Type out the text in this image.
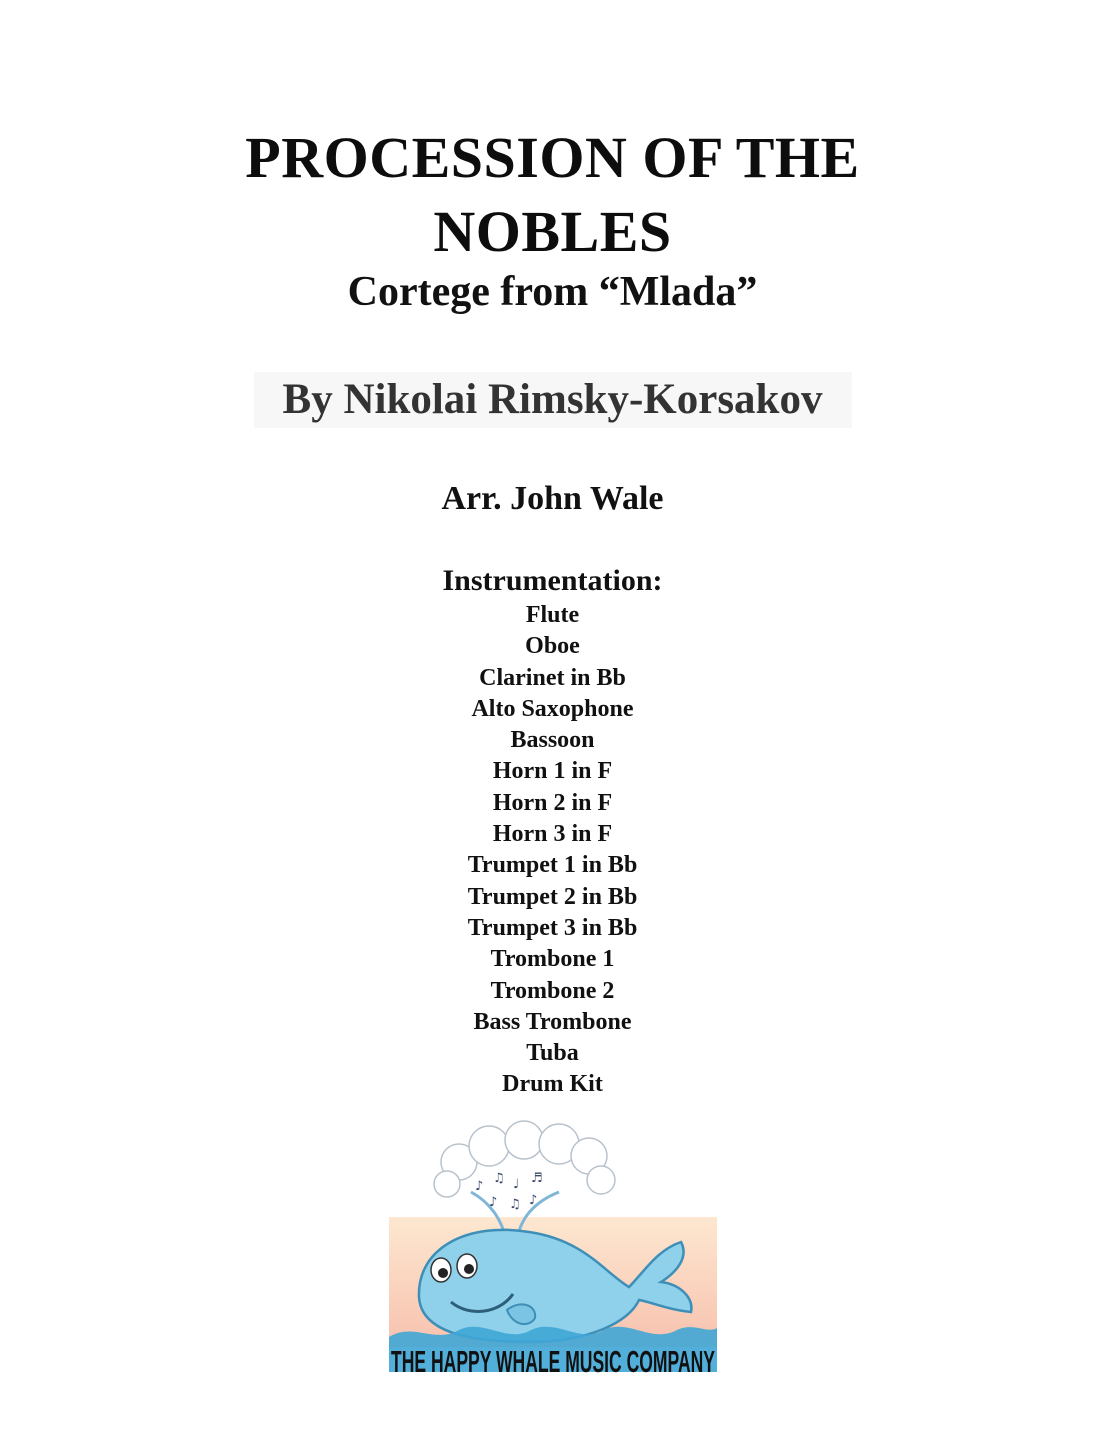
PROCESSION OF THE
NOBLES
Cortege from “Mlada”
By Nikolai Rimsky-Korsakov
Arr. John Wale
Instrumentation:
Flute
Oboe
Clarinet in Bb
Alto Saxophone
Bassoon
Horn 1 in F
Horn 2 in F
Horn 3 in F
Trumpet 1 in Bb
Trumpet 2 in Bb
Trumpet 3 in Bb
Trombone 1
Trombone 2
Bass Trombone
Tuba
Drum Kit
♪
♫ ♩ ♬
♪ ♫ ♪
THE HAPPY WHALE MUSIC COMPANY
